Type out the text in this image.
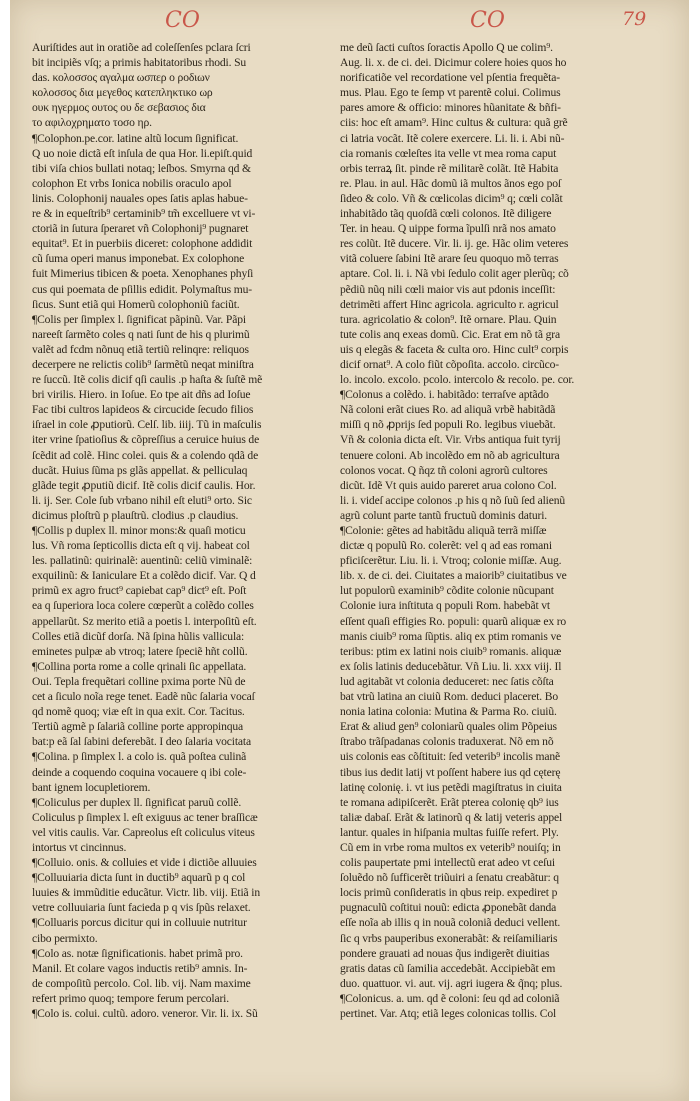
CO	CO	79
Auriſtides aut in oratiõe ad coleſſenſes pclara ſcri
bit incipiẽs vſq; a primis habitatoribus rhodi. Su
das. κολοσσος αγαλμα ωσπερ ο ροδιων
κολοσσος δια μεγεθος κατεπληκτικο ωρ
ουκ ηγερμος ουτος ου δε σεβασιος δια
το αφιλοχρηματο τοσο ηρ.
¶Colophon.pe.cor. latine altũ locum ſignificat.
Q uo noie dictã eſt inſula de qua Hor. li.epiſt.quid
tibi viſa chios bullati notaq; leſbos. Smyrna qd &
colophon Et vrbs Ionica nobilis oraculo apol
linis. Colophonij nauales opes ſatis aplas habue-
re & in equeſtrib⁹ certaminib⁹ tm̃ excelluere vt vi-
ctoriã in ſutura ſperaret vñ Colophonij⁹ pugnaret
equitat⁹. Et in puerbiis diceret: colophone addidit
cũ ſuma operi manus imponebat. Ex colophone
fuit Mimerius tibicen & poeta. Xenophanes phyſi
cus qui poemata de pſillis edidit. Polymaſtus mu-
ſicus. Sunt etiã qui Homerũ colophoniũ faciũt.
¶Colis per ſimplex l. ſignificat pãpinũ. Var. Pãpi
nareeſt ſarmẽto coles q nati ſunt de his q plurimũ
valẽt ad fcdm nõnuq etiã tertiũ relinqre: reliquos
decerpere ne relictis colib⁹ ſarmẽtũ neqat miniſtra
re ſuccũ. Itẽ colis dicif qſi caulis .p haſta & ſuſtẽ mẽ
bri virilis. Hiero. in Ioſue. Eo tpe ait dñs ad Ioſue
Fac tibi cultros lapideos & circucide ſecudo filios
iſrael in cole ꝓputiorũ. Celſ. lib. iiij. Tũ in maſculis
iter vrine ſpatioſius & cõpreſſius a ceruice huius de
ſcẽdit ad colẽ. Hinc colei. quis & a colendo qdã de
ducãt. Huius ſũma ps glãs appellat. & pelliculaq
glãde tegit ꝓputiũ dicif. Itẽ colis dicif caulis. Hor.
li. ij. Ser. Cole ſub vrbano nihil eſt eluti⁹ orto. Sic
dicimus ploſtrũ p plauſtrũ. clodius .p claudius.
¶Collis p duplex ll. minor mons:& quaſi moticu
lus. Vñ roma ſepticollis dicta eſt q vij. habeat col
les. pallatinũ: quirinalẽ: auentinũ: celiũ viminalẽ:
exquilinũ: & Ianiculare Et a colẽdo dicif. Var. Q d
primũ ex agro fruct⁹ capiebat cap⁹ dict⁹ eſt. Poſt
ea q ſuperiora loca colere cœperũt a colẽdo colles
appellarũt. Sz merito etiã a poetis l. interpoſitũ eſt.
Colles etiã dicũf dorſa. Nã ſpina hũlis vallicula:
eminetes pulpæ ab vtroq; latere ſpeciẽ hñt collũ.
¶Collina porta rome a colle qrinali ſic appellata.
Oui. Tepla frequẽtari colline pxima porte Nũ de
cet a ſiculo noĩa rege tenet. Eadẽ nũc ſalaria vocaſ
qd nomẽ quoq; viæ eſt in qua exit. Cor. Tacitus.
Tertiũ agmẽ p ſalariã colline porte appropinqua
bat:p eã ſal ſabini deferebãt. I deo ſalaria vocitata
¶Colina. p ſimplex l. a colo is. quã poſtea culinã
deinde a coquendo coquina vocauere q ibi cole-
bant ignem locupletiorem.
¶Coliculus per duplex ll. ſignificat paruũ collẽ.
Coliculus p ſimplex l. eſt exiguus ac tener braſſicæ
vel vitis caulis. Var. Capreolus eſt coliculus viteus
intortus vt cincinnus.
¶Colluio. onis. & colluies et vide i dictiõe alluuies
¶Colluuiaria dicta ſunt in ductib⁹ aquarũ p q col
luuies & immũditie educãtur. Victr. lib. viij. Etiã in
vetre colluuiaria ſunt facieda p q vis ſpũs relaxet.
¶Colluaris porcus dicitur qui in colluuie nutritur
cibo permixto.
¶Colo as. notæ ſignificationis. habet primã pro.
Manil. Et colare vagos inductis retib⁹ amnis. In-
de compoſitũ percolo. Col. lib. vij. Nam maxime
refert primo quoq; tempore ferum percolari.
¶Colo is. colui. cultũ. adoro. veneror. Vir. li. ix. Sũ
me deũ ſacti cuſtos ſoractis Apollo Q ue colim⁹.
Aug. li. x. de ci. dei. Dicimur colere hoies quos ho
norificatiõe vel recordatione vel pſentia frequẽta-
mus. Plau. Ego te ſemp vt parentẽ colui. Colimus
pares amore & officio: minores hũanitate & bñfi-
ciis: hoc eſt amam⁹. Hinc cultus & cultura: quã grẽ
ci latria vocãt. Itẽ colere exercere. Li. li. i. Abi nũ-
cia romanis cœleſtes ita velle vt mea roma caput
orbis terraꝝ ſit. pinde rẽ militarẽ colãt. Itẽ Habita
re. Plau. in aul. Hãc domũ iã multos ãnos ego poſ
ſideo & colo. Vñ & cœlicolas dicim⁹ q; cœli colãt
inhabitãdo tãq quoſdã cœli colonos. Itẽ diligere
Ter. in heau. Q uippe forma ĩpulſi nrã nos amato
res colũt. Itẽ ducere. Vir. li. ij. ge. Hãc olim veteres
vitã coluere ſabini Itẽ arare ſeu quoquo mõ terras
aptare. Col. li. i. Nã vbi ſedulo colit ager plerũq; cõ
pẽdiũ nũq nili cœli maior vis aut pdonis inceſſit:
detrimẽti affert Hinc agricola. agriculto r. agricul
tura. agricolatio & colon⁹. Itẽ ornare. Plau. Quin
tute colis anq exeas domũ. Cic. Erat em nõ tã gra
uis q elegãs & faceta & culta oro. Hinc cult⁹ corpis
dicif ornat⁹. A colo fiũt cõpoſita. accolo. circũco-
lo. incolo. excolo. pcolo. intercolo & recolo. pe. cor.
¶Colonus a colẽdo. i. habitãdo: terraſve aptãdo
Nã coloni erãt ciues Ro. ad aliquã vrbẽ habitãdã
miſſi q nõ ꝓprijs ſed populi Ro. legibus viuebãt.
Vñ & colonia dicta eſt. Vir. Vrbs antiqua fuit tyrij
tenuere coloni. Ab incolẽdo em nõ ab agricultura
colonos vocat. Q ñqz tñ coloni agrorũ cultores
dicũt. Idẽ Vt quis auido pareret arua colono Col.
li. i. videſ accipe colonos .p his q nõ ſuũ ſed alienũ
agrũ colunt parte tantũ fructuũ dominis daturi.
¶Colonie: gẽtes ad habitãdu aliquã terrã miſſæ
dictæ q populũ Ro. colerẽt: vel q ad eas romani
pficiſcerẽtur. Liu. li. i. Vtroq; colonie miſſæ. Aug.
lib. x. de ci. dei. Ciuitates a maiorib⁹ ciuitatibus ve
lut populorũ examinib⁹ cõdite colonie nũcupant
Colonie iura inſtituta q populi Rom. habebãt vt
eſſent quaſi effigies Ro. populi: quarũ aliquæ ex ro
manis ciuib⁹ roma ſũptis. aliq ex ptim romanis ve
teribus: ptim ex latini nois ciuib⁹ romanis. aliquæ
ex ſolis latinis deducebãtur. Vñ Liu. li. xxx viij. Il
lud agitabãt vt colonia deduceret: nec ſatis cõſta
bat vtrũ latina an ciuiũ Rom. deduci placeret. Bo
nonia latina colonia: Mutina & Parma Ro. ciuiũ.
Erat & aliud gen⁹ coloniarũ quales olim Põpeius
ſtrabo trãſpadanas colonis traduxerat. Nõ em nõ
uis colonis eas cõſtituit: ſed veterib⁹ incolis manẽ
tibus ius dedit latij vt poſſent habere ius qd cęterę
latinę colonię. i. vt ius petẽdi magiſtratus in ciuita
te romana adipiſcerẽt. Erãt pterea colonię qb⁹ ius
taliæ dabaſ. Erãt & latinorũ q & latij veteris appel
lantur. quales in hiſpania multas fuiſſe refert. Ply.
Cũ em in vrbe roma multos ex veterib⁹ nouiſq; in
colis paupertate pmi intellectũ erat adeo vt ceſui
ſoluẽdo nõ ſufficerẽt triũuiri a ſenatu creabãtur: q
locis primũ conſideratis in qbus reip. expediret p
pugnaculũ coſtitui nouũ: edicta ꝓponebãt danda
eſſe noĩa ab illis q in nouã coloniã deduci vellent.
ſic q vrbs pauperibus exonerabãt: & reiſamiliaris
pondere grauati ad nouas q̃us indigerẽt diuitias
gratis datas cũ ſamilia accedebãt. Accipiebãt em
duo. quattuor. vi. aut. vij. agri iugera & q̃nq; plus.
¶Colonicus. a. um. qd ẽ coloni: ſeu qd ad coloniã
pertinet. Var. Atq; etiã leges colonicas tollis. Col
